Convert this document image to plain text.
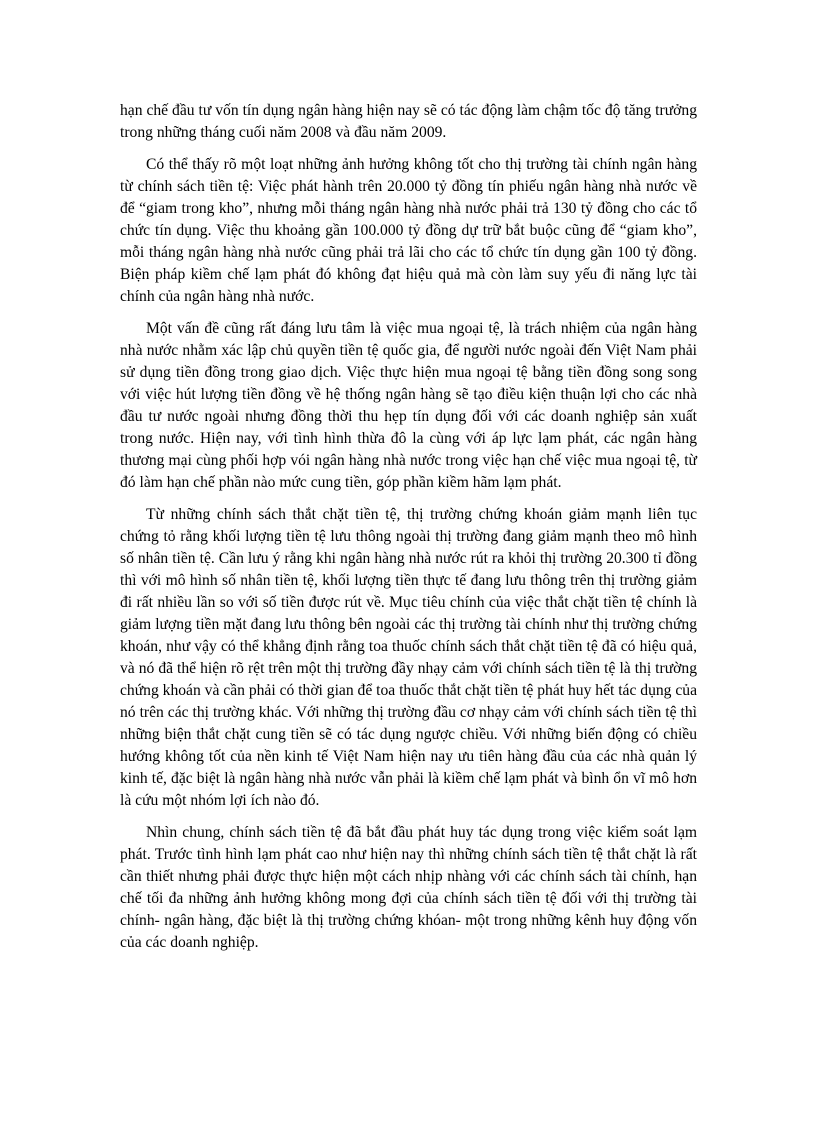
hạn chế đầu tư vốn tín dụng ngân hàng hiện nay sẽ có tác động làm chậm tốc độ tăng trưởng trong những tháng cuối năm 2008 và đầu năm 2009.

Có thể thấy rõ một loạt những ảnh hưởng không tốt cho thị trường tài chính ngân hàng từ chính sách tiền tệ: Việc phát hành trên 20.000 tỷ đồng tín phiếu ngân hàng nhà nước về để “giam trong kho”, nhưng mỗi tháng ngân hàng nhà nước phải trả 130 tỷ đồng cho các tổ chức tín dụng. Việc thu khoảng gần 100.000 tỷ đồng dự trữ bắt buộc cũng để “giam kho”, mỗi tháng ngân hàng nhà nước cũng phải trả lãi cho các tổ chức tín dụng gần 100 tỷ đồng. Biện pháp kiềm chế lạm phát đó không đạt hiệu quả mà còn làm suy yếu đi năng lực tài chính của ngân hàng nhà nước.

Một vấn đề cũng rất đáng lưu tâm là việc mua ngoại tệ, là trách nhiệm của ngân hàng nhà nước nhằm xác lập chủ quyền tiền tệ quốc gia, để người nước ngoài đến Việt Nam phải sử dụng tiền đồng trong giao dịch. Việc thực hiện mua ngoại tệ bằng tiền đồng song song với việc hút lượng tiền đồng về hệ thống ngân hàng sẽ tạo điều kiện thuận lợi cho các nhà đầu tư nước ngoài nhưng đồng thời thu hẹp tín dụng đối với các doanh nghiệp sản xuất trong nước. Hiện nay, với tình hình thừa đô la cùng với áp lực lạm phát, các ngân hàng thương mại cùng phối hợp vói ngân hàng nhà nước trong việc hạn chế việc mua ngoại tệ, từ đó làm hạn chế phần nào mức cung tiền, góp phần kiềm hãm lạm phát.

Từ những chính sách thắt chặt tiền tệ, thị trường chứng khoán giảm mạnh liên tục chứng tỏ rằng khối lượng tiền tệ lưu thông ngoài thị trường đang giảm mạnh theo mô hình số nhân tiền tệ. Cần lưu ý rằng khi ngân hàng nhà nước rút ra khỏi thị trường 20.300 tỉ đồng thì với mô hình số nhân tiền tệ, khối lượng tiền thực tế đang lưu thông trên thị trường giảm đi rất nhiều lần so với số tiền được rút về. Mục tiêu chính của việc thắt chặt tiền tệ chính là giảm lượng tiền mặt đang lưu thông bên ngoài các thị trường tài chính như thị trường chứng khoán, như vậy có thể khẳng định rằng toa thuốc chính sách thắt chặt tiền tệ đã có hiệu quả, và nó đã thể hiện rõ rệt trên một thị trường đầy nhạy cảm với chính sách tiền tệ là thị trường chứng khoán và cần phải có thời gian để toa thuốc thắt chặt tiền tệ phát huy hết tác dụng của nó trên các thị trường khác. Với những thị trường đầu cơ nhạy cảm với chính sách tiền tệ thì những biện thắt chặt cung tiền sẽ có tác dụng ngược chiều. Với những biến động có chiều hướng không tốt của nền kinh tế Việt Nam hiện nay ưu tiên hàng đầu của các nhà quản lý kinh tế, đặc biệt là ngân hàng nhà nước vẫn phải là kiềm chế lạm phát và bình ổn vĩ mô hơn là cứu một nhóm lợi ích nào đó.

Nhìn chung, chính sách tiền tệ đã bắt đầu phát huy tác dụng trong việc kiểm soát lạm phát. Trước tình hình lạm phát cao như hiện nay thì những chính sách tiền tệ thắt chặt là rất cần thiết nhưng phải được thực hiện một cách nhịp nhàng với các chính sách tài chính, hạn chế tối đa những ảnh hưởng không mong đợi của chính sách tiền tệ đối với thị trường tài chính- ngân hàng, đặc biệt là thị trường chứng khóan- một trong những kênh huy động vốn của các doanh nghiệp.
